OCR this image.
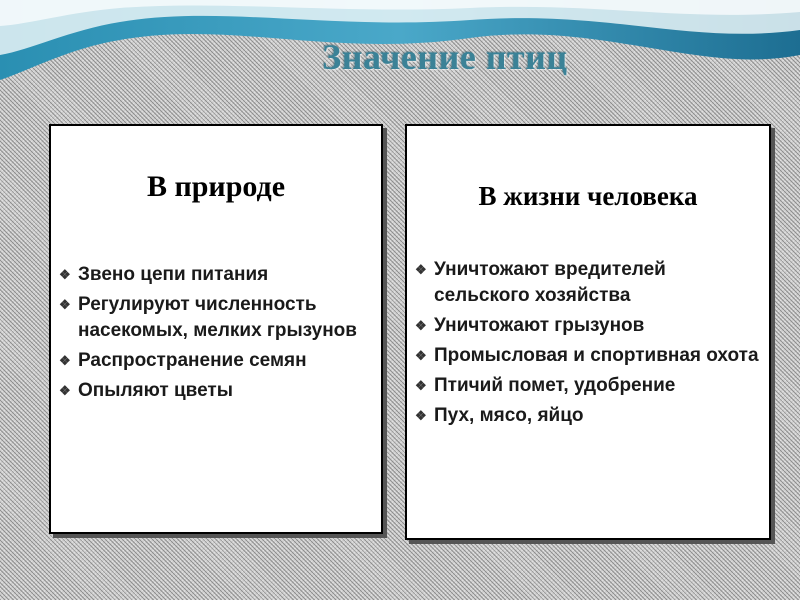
Значение птиц
В природе
❖ Звено цепи питания
❖ Регулируют численность насекомых, мелких грызунов
❖ Распространение семян
❖ Опыляют цветы
В жизни человека
❖ Уничтожают вредителей сельского хозяйства
❖ Уничтожают грызунов
❖ Промысловая и спортивная охота
❖ Птичий помет, удобрение
❖ Пух, мясо, яйцо
